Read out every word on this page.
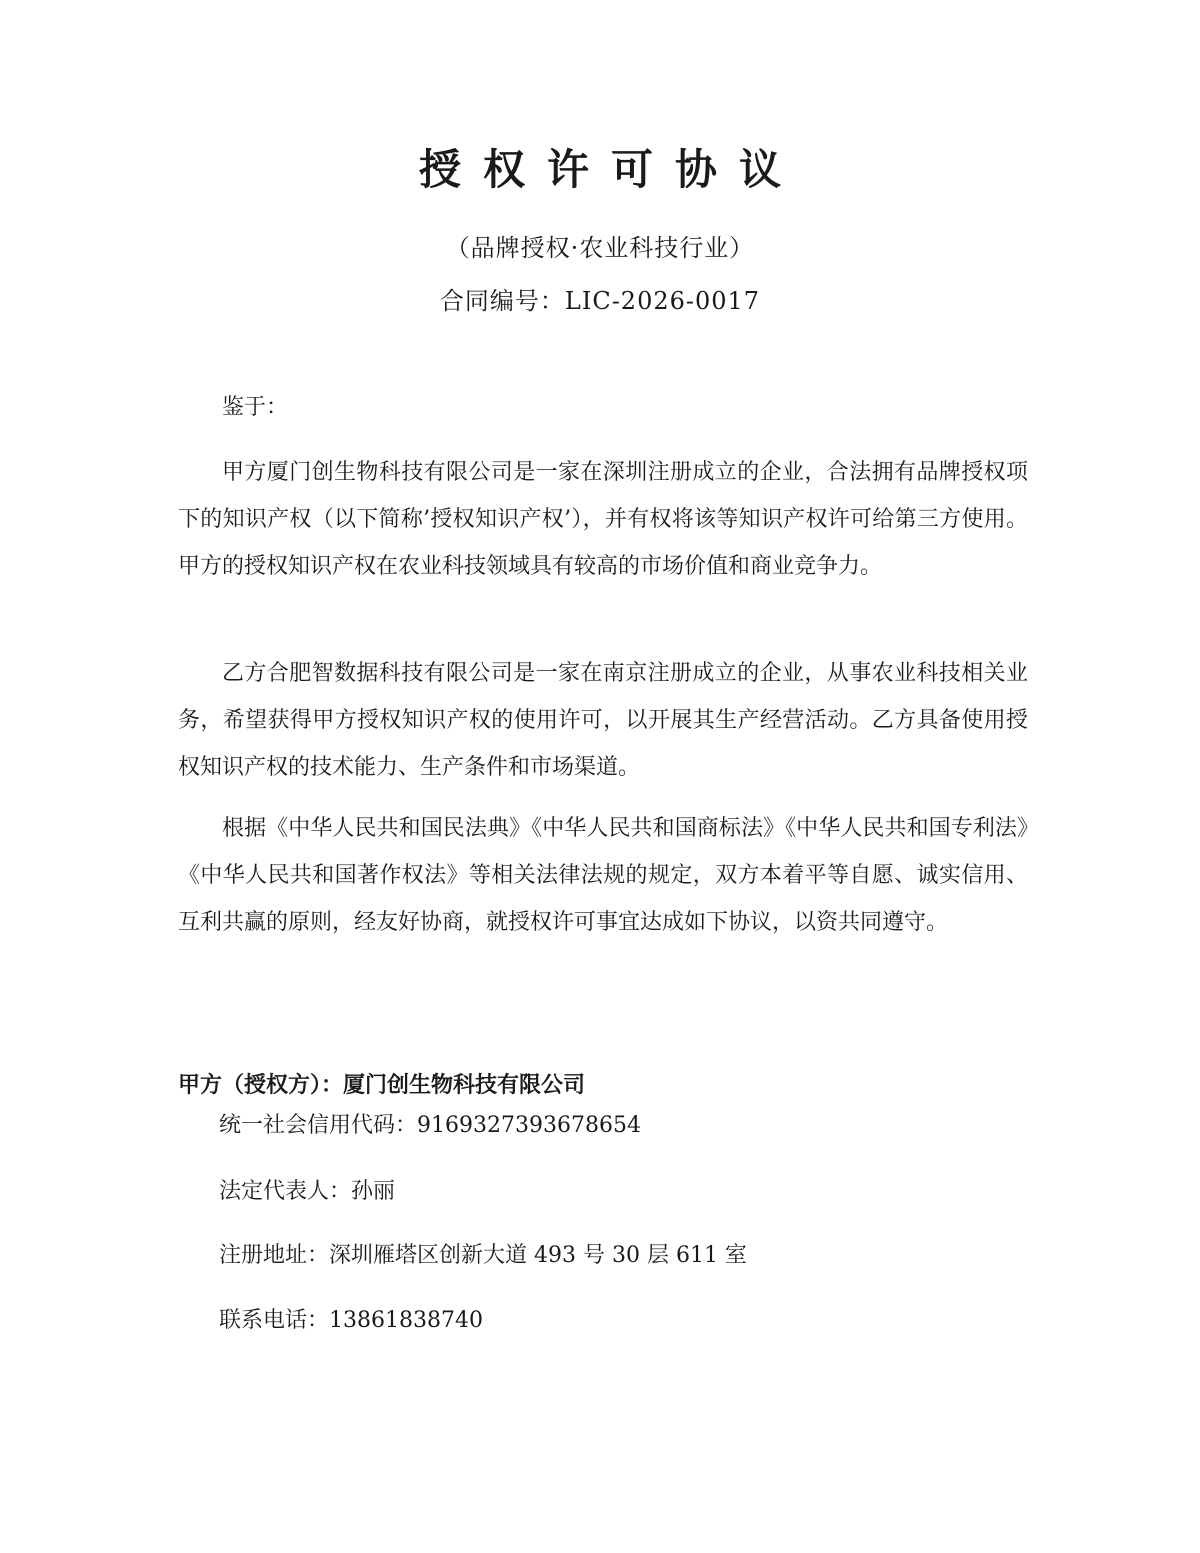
授权许可协议
（品牌授权·农业科技行业）
合同编号：LIC-2026-0017

鉴于：

甲方厦门创生物科技有限公司是一家在深圳注册成立的企业，合法拥有品牌授权项下的知识产权（以下简称’授权知识产权’），并有权将该等知识产权许可给第三方使用。甲方的授权知识产权在农业科技领域具有较高的市场价值和商业竞争力。

乙方合肥智数据科技有限公司是一家在南京注册成立的企业，从事农业科技相关业务，希望获得甲方授权知识产权的使用许可，以开展其生产经营活动。乙方具备使用授权知识产权的技术能力、生产条件和市场渠道。

根据《中华人民共和国民法典》《中华人民共和国商标法》《中华人民共和国专利法》《中华人民共和国著作权法》等相关法律法规的规定，双方本着平等自愿、诚实信用、互利共赢的原则，经友好协商，就授权许可事宜达成如下协议，以资共同遵守。

甲方（授权方）：厦门创生物科技有限公司

统一社会信用代码：9169327393678654

法定代表人：孙丽

注册地址：深圳雁塔区创新大道 493 号 30 层 611 室

联系电话：13861838740
